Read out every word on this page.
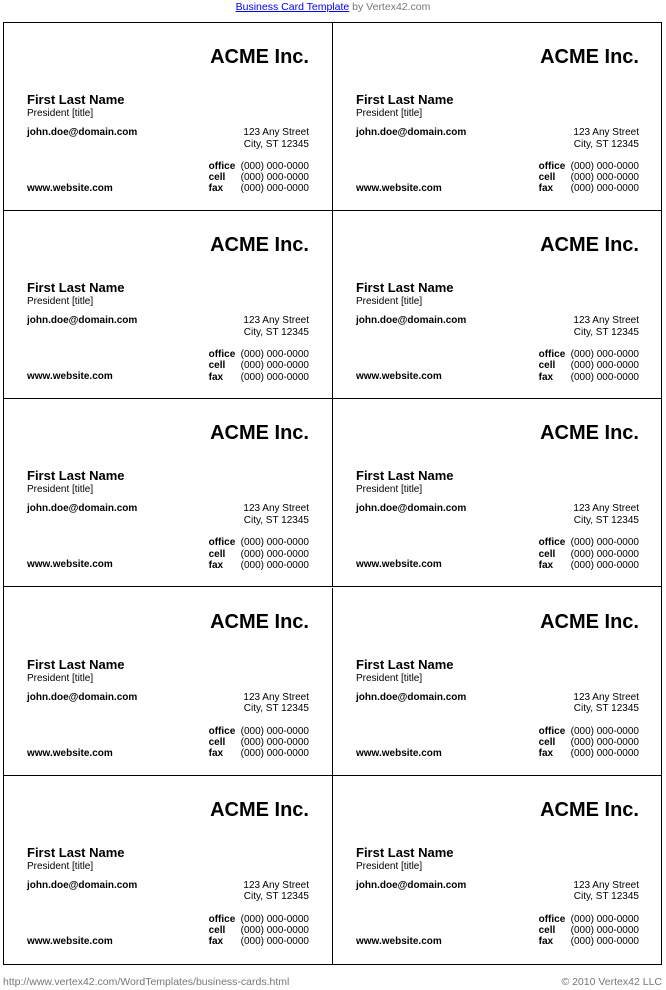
Business Card Template by Vertex42.com
ACME Inc.
First Last Name
President [title]
john.doe@domain.com	123 Any Street
City, ST 12345
office (000) 000-0000
cell	(000) 000-0000
fax	(000) 000-0000
www.website.com
ACME Inc.
First Last Name
President [title]
john.doe@domain.com	123 Any Street
City, ST 12345
office (000) 000-0000
cell	(000) 000-0000
fax	(000) 000-0000
www.website.com
ACME Inc.
First Last Name
President [title]
john.doe@domain.com	123 Any Street
City, ST 12345
office (000) 000-0000
cell	(000) 000-0000
fax	(000) 000-0000
www.website.com
ACME Inc.
First Last Name
President [title]
john.doe@domain.com	123 Any Street
City, ST 12345
office (000) 000-0000
cell	(000) 000-0000
fax	(000) 000-0000
www.website.com
ACME Inc.
First Last Name
President [title]
john.doe@domain.com	123 Any Street
City, ST 12345
office (000) 000-0000
cell	(000) 000-0000
fax	(000) 000-0000
www.website.com
ACME Inc.
First Last Name
President [title]
john.doe@domain.com	123 Any Street
City, ST 12345
office (000) 000-0000
cell	(000) 000-0000
fax	(000) 000-0000
www.website.com
ACME Inc.
First Last Name
President [title]
john.doe@domain.com	123 Any Street
City, ST 12345
office (000) 000-0000
cell	(000) 000-0000
fax	(000) 000-0000
www.website.com
ACME Inc.
First Last Name
President [title]
john.doe@domain.com	123 Any Street
City, ST 12345
office (000) 000-0000
cell	(000) 000-0000
fax	(000) 000-0000
www.website.com
ACME Inc.
First Last Name
President [title]
john.doe@domain.com	123 Any Street
City, ST 12345
office (000) 000-0000
cell	(000) 000-0000
fax	(000) 000-0000
www.website.com
ACME Inc.
First Last Name
President [title]
john.doe@domain.com	123 Any Street
City, ST 12345
office (000) 000-0000
cell	(000) 000-0000
fax	(000) 000-0000
www.website.com
http://www.vertex42.com/WordTemplates/business-cards.html	© 2010 Vertex42 LLC
